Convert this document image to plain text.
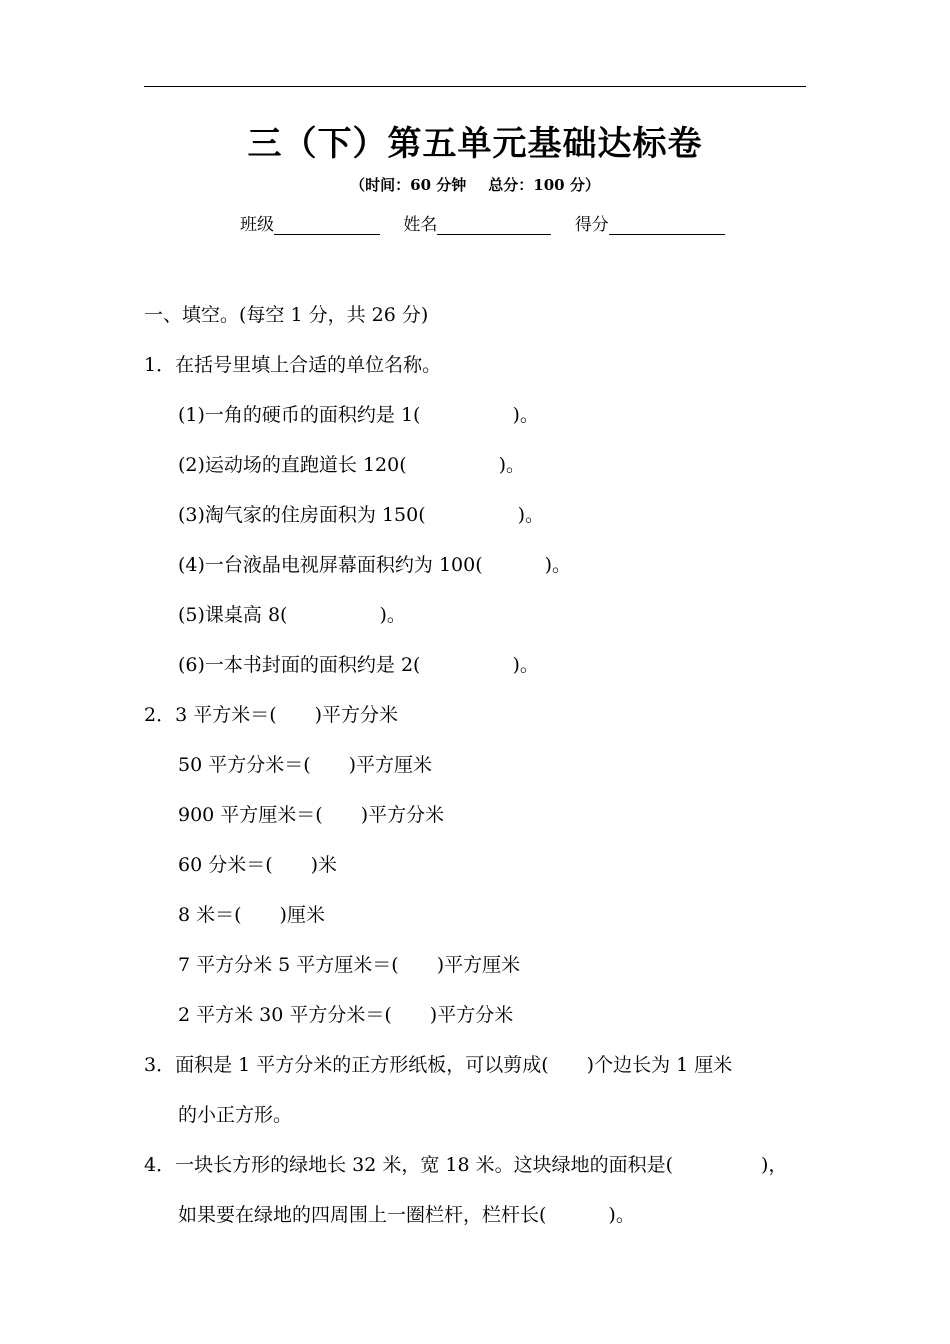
三（下）第五单元基础达标卷
（时间：60 分钟 总分：100 分）
班级	姓名	得分
一、填空。(每空 1 分，共 26 分)
1．在括号里填上合适的单位名称。
(1)一角的硬币的面积约是 1(	)。
(2)运动场的直跑道长 120(	)。
(3)淘气家的住房面积为 150(	)。
(4)一台液晶电视屏幕面积约为 100(	)。
(5)课桌高 8(	)。
(6)一本书封面的面积约是 2(	)。
2．3 平方米＝( )平方分米
50 平方分米＝( )平方厘米
900 平方厘米＝( )平方分米
60 分米＝( )米
8 米＝( )厘米
7 平方分米 5 平方厘米＝( )平方厘米
2 平方米 30 平方分米＝( )平方分米
3．面积是 1 平方分米的正方形纸板，可以剪成( )个边长为 1 厘米
的小正方形。
4．一块长方形的绿地长 32 米，宽 18 米。这块绿地的面积是(	)，
如果要在绿地的四周围上一圈栏杆，栏杆长(	)。
